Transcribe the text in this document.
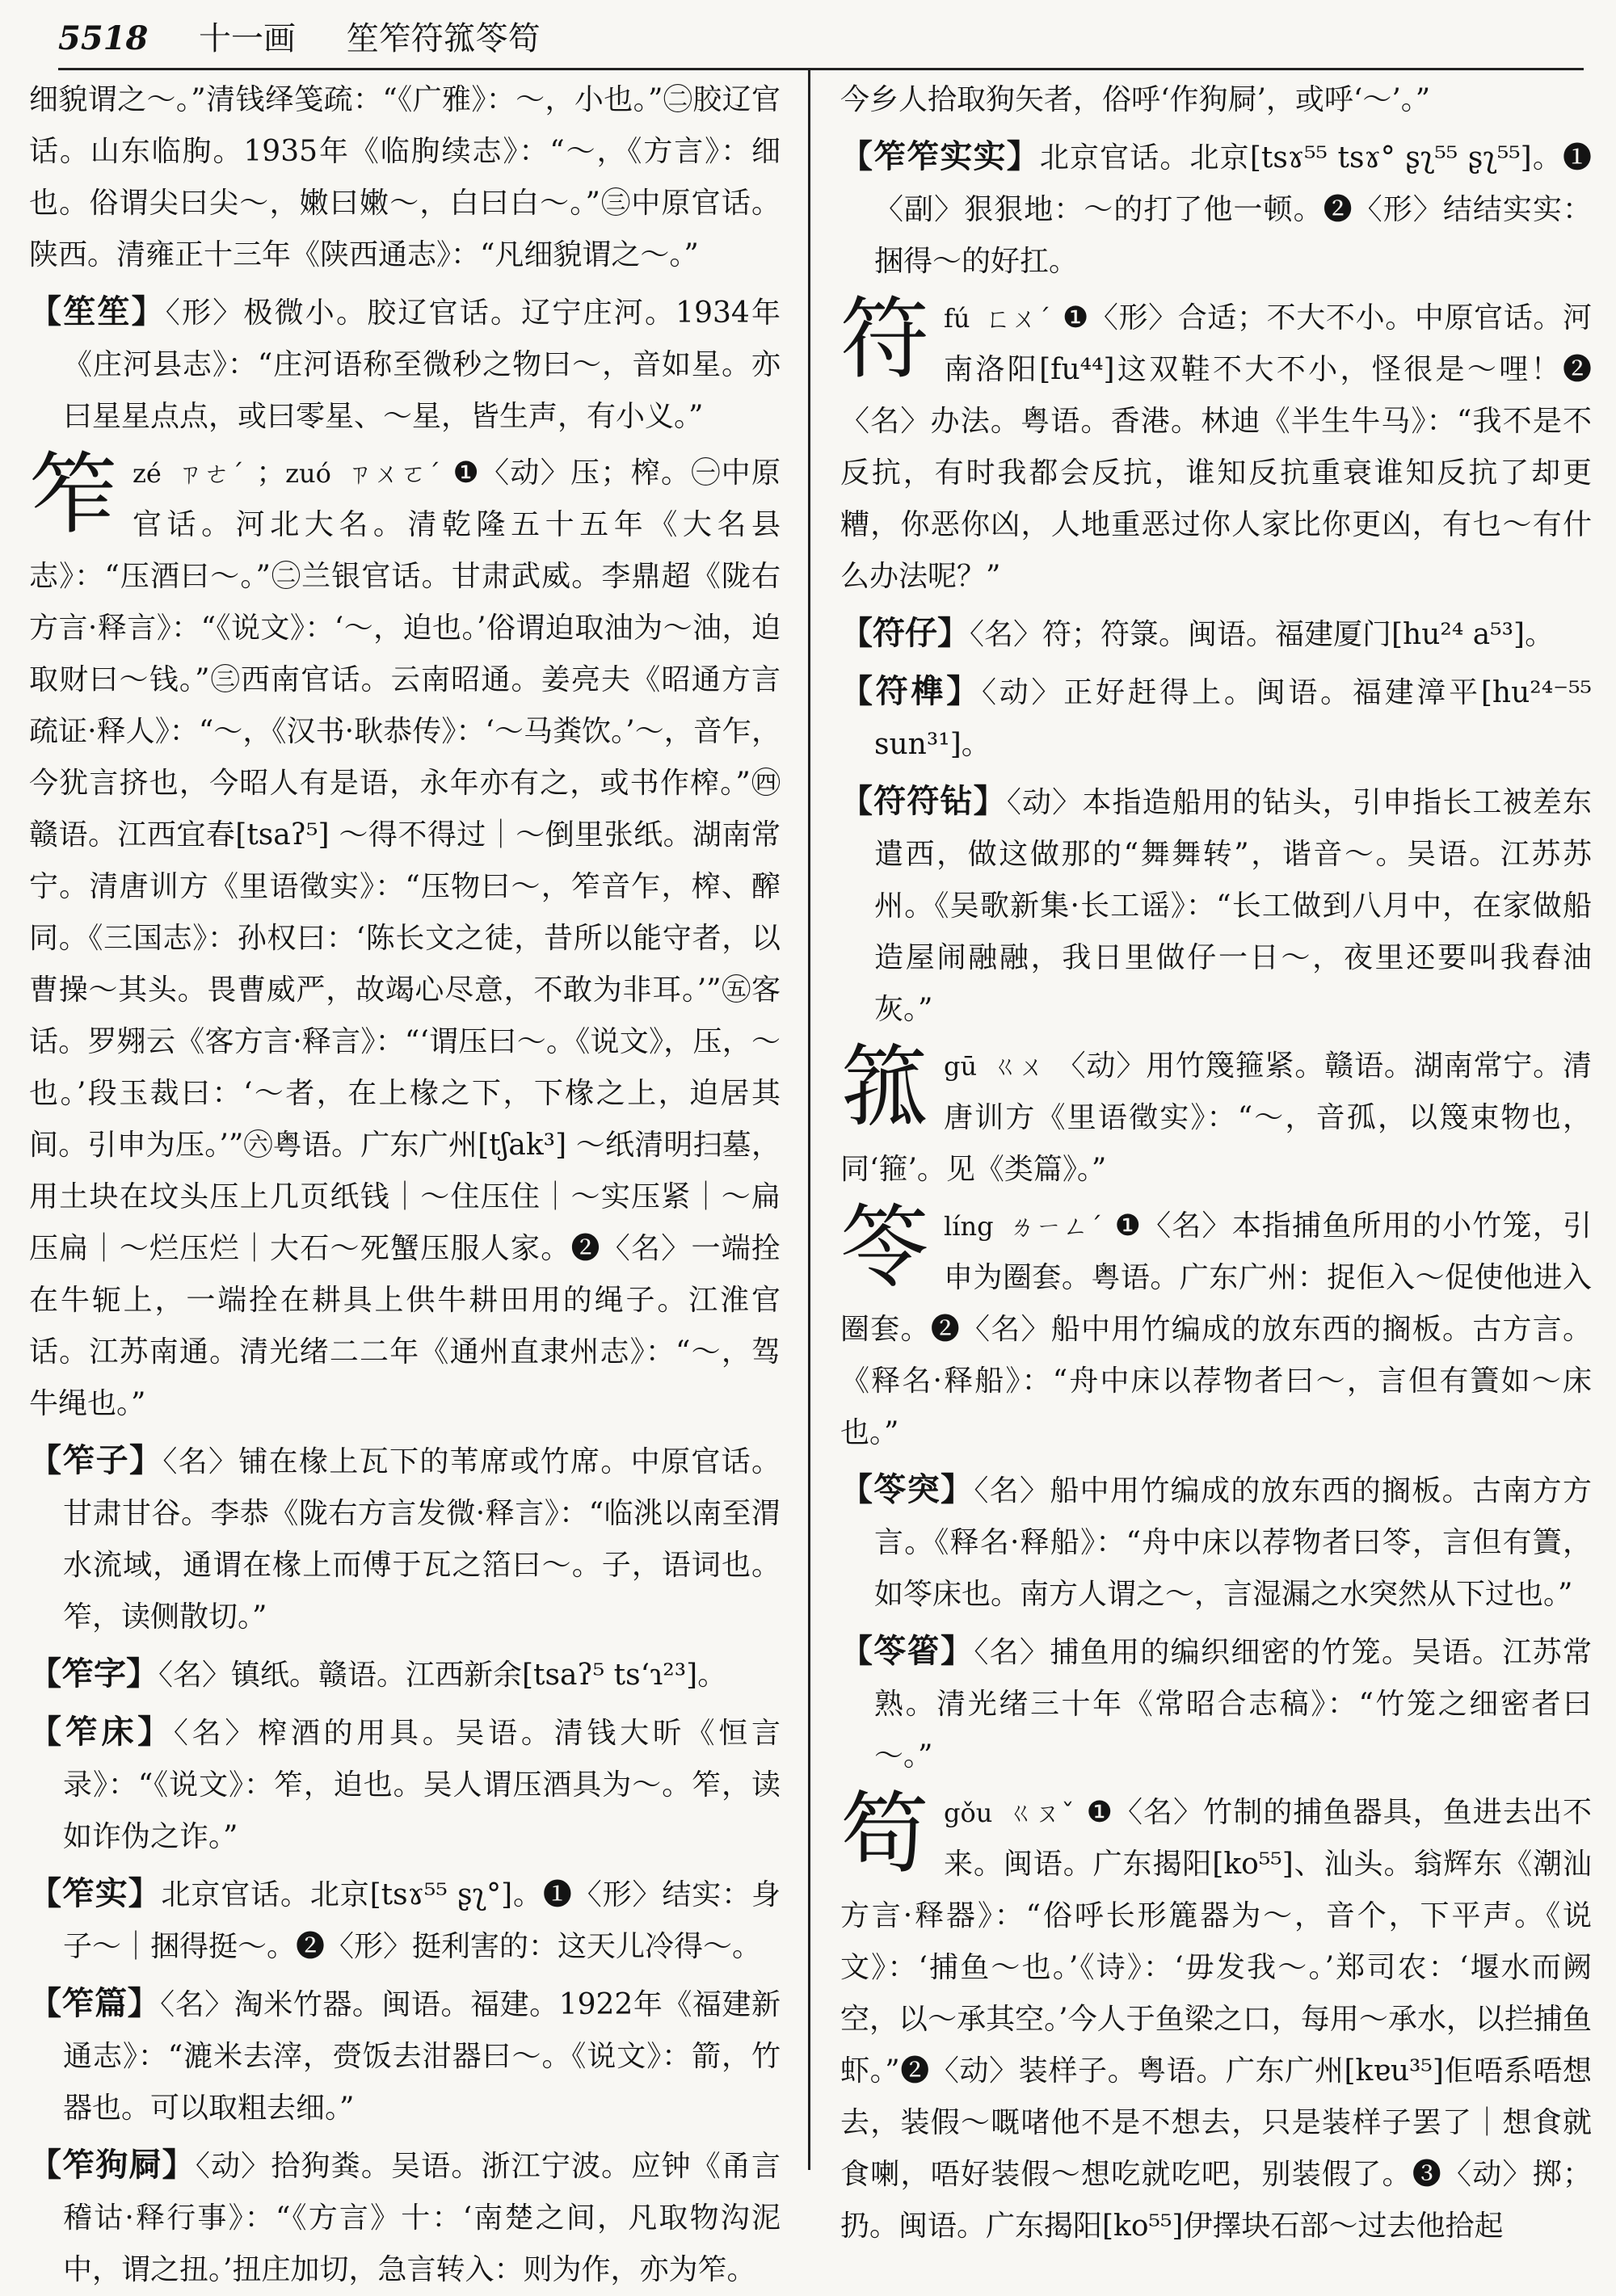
5518 十一画 笙笮符箛笭笱

细貌谓之～。”清钱绎笺疏：“《广雅》：～，小也。”㊁胶辽官话。山东临朐。1935年《临朐续志》：“～，《方言》：细也。俗谓尖曰尖～，嫩曰嫩～，白曰白～。”㊂中原官话。陕西。清雍正十三年《陕西通志》：“凡细貌谓之～。”

【笙笙】〈形〉极微小。胶辽官话。辽宁庄河。1934年《庄河县志》：“庄河语称至微秒之物曰～，音如星。亦曰星星点点，或曰零星、～星，皆生声，有小义。”

笮zé ㄗㄜˊ ；zuó ㄗㄨㄛˊ ❶〈动〉压；榨。㊀中原官话。河北大名。清乾隆五十五年《大名县志》：“压酒曰～。”㊁兰银官话。甘肃武威。李鼎超《陇右方言·释言》：“《说文》：‘～，迫也。’俗谓迫取油为～油，迫取财曰～钱。”㊂西南官话。云南昭通。姜亮夫《昭通方言疏证·释人》：“～，《汉书·耿恭传》：‘～马粪饮。’～，音乍，今犹言挤也，今昭人有是语，永年亦有之，或书作榨。”㊃赣语。江西宜春[tsaʔ⁵] ～得不得过｜～倒里张纸。湖南常宁。清唐训方《里语徵实》：“压物曰～，笮音乍，榨、醡同。《三国志》：孙权曰：‘陈长文之徒，昔所以能守者，以曹操～其头。畏曹威严，故竭心尽意，不敢为非耳。’”㊄客话。罗翙云《客方言·释言》：“‘谓压曰～。《说文》，压，～也。’段玉裁曰：‘～者，在上椽之下，下椽之上，迫居其间。引申为压。’”㊅粤语。广东广州[tʃak³] ～纸清明扫墓，用土块在坟头压上几页纸钱｜～住压住｜～实压紧｜～扁压扁｜～烂压烂｜大石～死蟹压服人家。❷〈名〉一端拴在牛轭上，一端拴在耕具上供牛耕田用的绳子。江淮官话。江苏南通。清光绪二二年《通州直隶州志》：“～，驾牛绳也。”

【笮子】〈名〉铺在椽上瓦下的苇席或竹席。中原官话。甘肃甘谷。李恭《陇右方言发微·释言》：“临洮以南至渭水流域，通谓在椽上而傅于瓦之箔曰～。子，语词也。笮，读侧散切。”

【笮字】〈名〉镇纸。赣语。江西新余[tsaʔ⁵ tsʻɿ²³]。

【笮床】〈名〉榨酒的用具。吴语。清钱大昕《恒言录》：“《说文》：笮，迫也。吴人谓压酒具为～。笮，读如诈伪之诈。”

【笮实】北京官话。北京[tsɤ⁵⁵ ʂʅ°]。❶〈形〉结实：身子～｜捆得挺～。❷〈形〉挺利害的：这天儿冷得～。

【笮篇】〈名〉淘米竹器。闽语。福建。1922年《福建新通志》：“漉米去滓，赍饭去泔器曰～。《说文》：箭，竹器也。可以取粗去细。”

【笮狗屙】〈动〉拾狗粪。吴语。浙江宁波。应钟《甬言稽诂·释行事》：“《方言》十：‘南楚之间，凡取物沟泥中，谓之扭。’扭庄加切，急言转入：则为作，亦为笮。

今乡人拾取狗矢者，俗呼‘作狗屙’，或呼‘～’。”

【笮笮实实】北京官话。北京[tsɤ⁵⁵ tsɤ° ʂʅ⁵⁵ ʂʅ⁵⁵]。❶〈副〉狠狠地：～的打了他一顿。❷〈形〉结结实实：捆得～的好扛。

符fú ㄈㄨˊ ❶〈形〉合适；不大不小。中原官话。河南洛阳[fu⁴⁴]这双鞋不大不小，怪很是～哩！❷〈名〉办法。粤语。香港。林迪《半生牛马》：“我不是不反抗，有时我都会反抗，谁知反抗重衰谁知反抗了却更糟，你恶你凶，人地重恶过你人家比你更凶，有乜～有什么办法呢？”

【符仔】〈名〉符；符箓。闽语。福建厦门[hu²⁴ a⁵³]。

【符榫】〈动〉正好赶得上。闽语。福建漳平[hu²⁴⁻⁵⁵ sun³¹]。

【符符钻】〈动〉本指造船用的钻头，引申指长工被差东遣西，做这做那的“舞舞转”，谐音～。吴语。江苏苏州。《吴歌新集·长工谣》：“长工做到八月中，在家做船造屋闹融融，我日里做仔一日～，夜里还要叫我舂油灰。”

箛gū ㄍㄨ 〈动〉用竹篾箍紧。赣语。湖南常宁。清唐训方《里语徵实》：“～，音孤，以篾束物也，同‘箍’。见《类篇》。”

笭líng ㄌㄧㄥˊ ❶〈名〉本指捕鱼所用的小竹笼，引申为圈套。粤语。广东广州：捉佢入～促使他进入圈套。❷〈名〉船中用竹编成的放东西的搁板。古方言。《释名·释船》：“舟中床以荐物者曰～，言但有簀如～床也。”

【笭突】〈名〉船中用竹编成的放东西的搁板。古南方方言。《释名·释船》：“舟中床以荐物者曰笭，言但有簀，如笭床也。南方人谓之～，言湿漏之水突然从下过也。”

【笭箵】〈名〉捕鱼用的编织细密的竹笼。吴语。江苏常熟。清光绪三十年《常昭合志稿》：“竹笼之细密者曰～。”

笱gǒu ㄍㄡˇ ❶〈名〉竹制的捕鱼器具，鱼进去出不来。闽语。广东揭阳[ko⁵⁵]、汕头。翁辉东《潮汕方言·释器》：“俗呼长形簏器为～，音个，下平声。《说文》：‘捕鱼～也。’《诗》：‘毋发我～。’郑司农：‘堰水而阙空，以～承其空。’今人于鱼梁之口，每用～承水，以拦捕鱼虾。”❷〈动〉装样子。粤语。广东广州[kɐu³⁵]佢唔系唔想去，装假～嘅啫他不是不想去，只是装样子罢了｜想食就食喇，唔好装假～想吃就吃吧，别装假了。❸〈动〉掷；扔。闽语。广东揭阳[ko⁵⁵]伊擇块石部～过去他拾起
